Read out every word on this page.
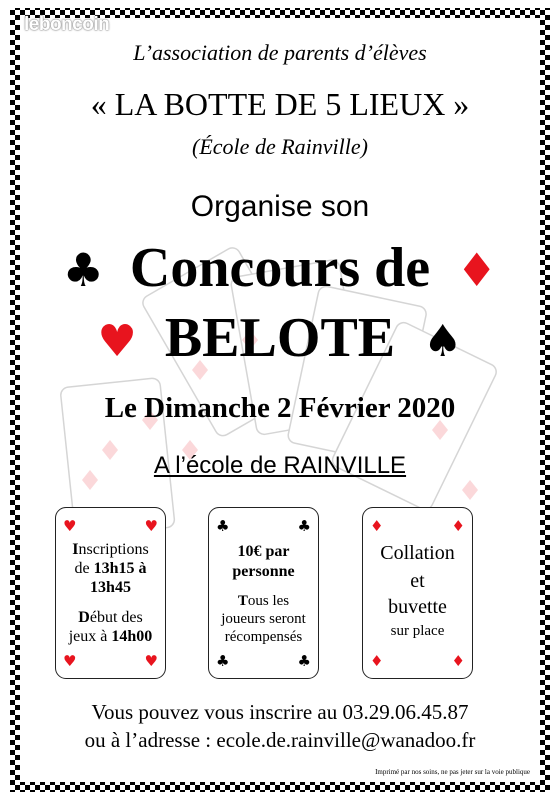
leboncoin
L’association de parents d’élèves
« LA BOTTE DE 5 LIEUX »
(École de Rainville)
Organise son
♣ Concours de ♦
♥ BELOTE ♠
Le Dimanche 2 Février 2020
A l’école de RAINVILLE
♥	♥
♥	♥
Inscriptions
de 13h15 à
13h45
Début des
jeux à 14h00
♣	♣
♣	♣
10€ par
personne
Tous les
joueurs seront
récompensés
♦	♦
♦	♦
Collation
et
buvette
sur place
Vous pouvez vous inscrire au 03.29.06.45.87
ou à l’adresse : ecole.de.rainville@wanadoo.fr
Imprimé par nos soins, ne pas jeter sur la voie publique
